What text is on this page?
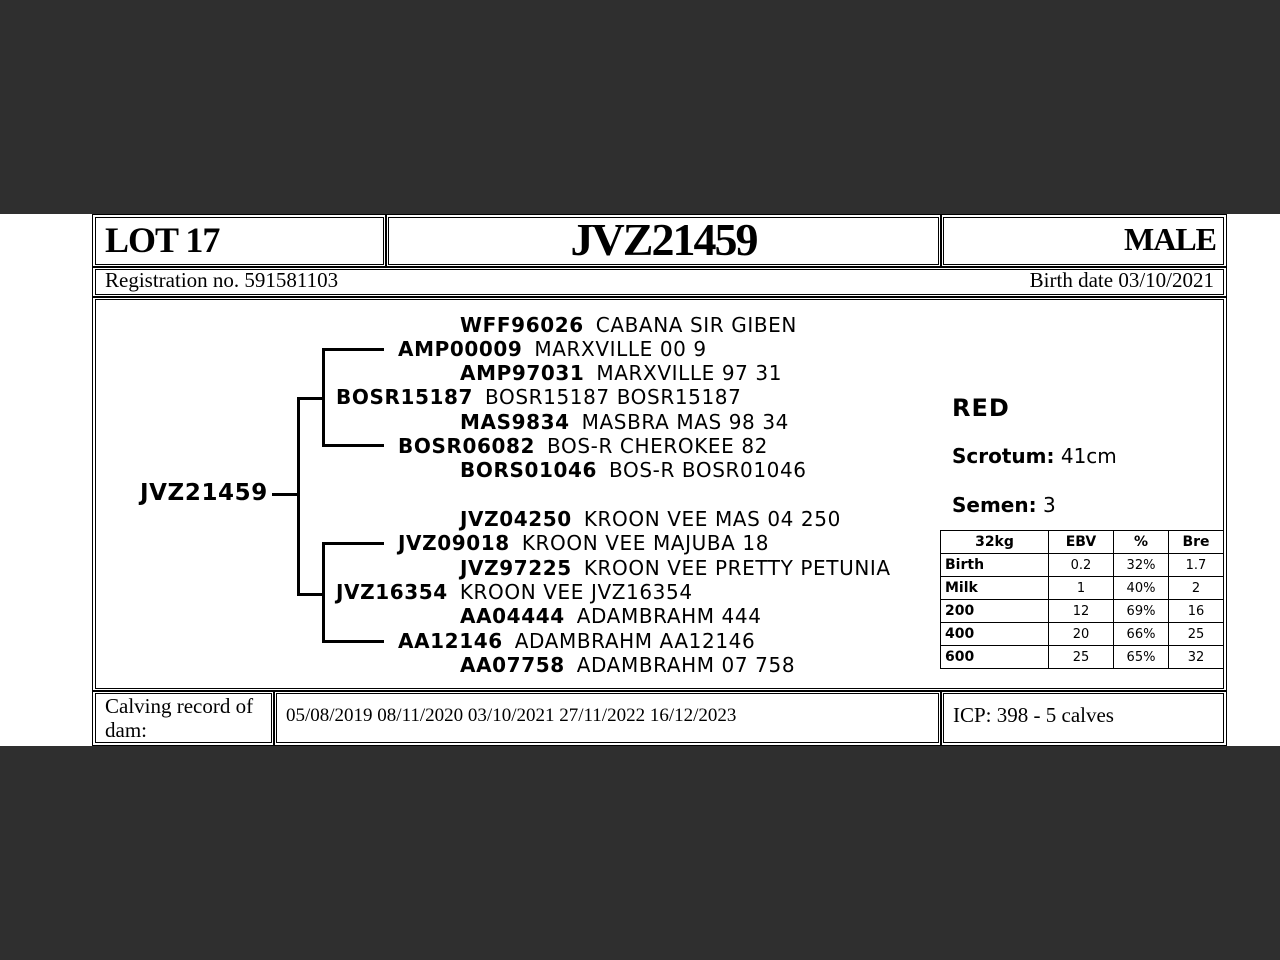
LOT 17	JVZ21459	MALE
Registration no. 591581103	Birth date 03/10/2021
JVZ21459
WFF96026 CABANA SIR GIBEN
AMP00009 MARXVILLE 00 9
AMP97031 MARXVILLE 97 31
BOSR15187 BOSR15187 BOSR15187
MAS9834 MASBRA MAS 98 34
BOSR06082 BOS-R CHEROKEE 82
BORS01046 BOS-R BOSR01046
JVZ04250 KROON VEE MAS 04 250
JVZ09018 KROON VEE MAJUBA 18
JVZ97225 KROON VEE PRETTY PETUNIA
JVZ16354 KROON VEE JVZ16354
AA04444 ADAMBRAHM 444
AA12146 ADAMBRAHM AA12146
AA07758 ADAMBRAHM 07 758
RED
Scrotum: 41cm
Semen: 3
32kg	EBV	%	Bre
Birth	0.2	32%	1.7
Milk	1	40%	2
200	12	69%	16
400	20	66%	25
600	25	65%	32
Calving record of dam:
05/08/2019 08/11/2020 03/10/2021 27/11/2022 16/12/2023	ICP: 398 - 5 calves
